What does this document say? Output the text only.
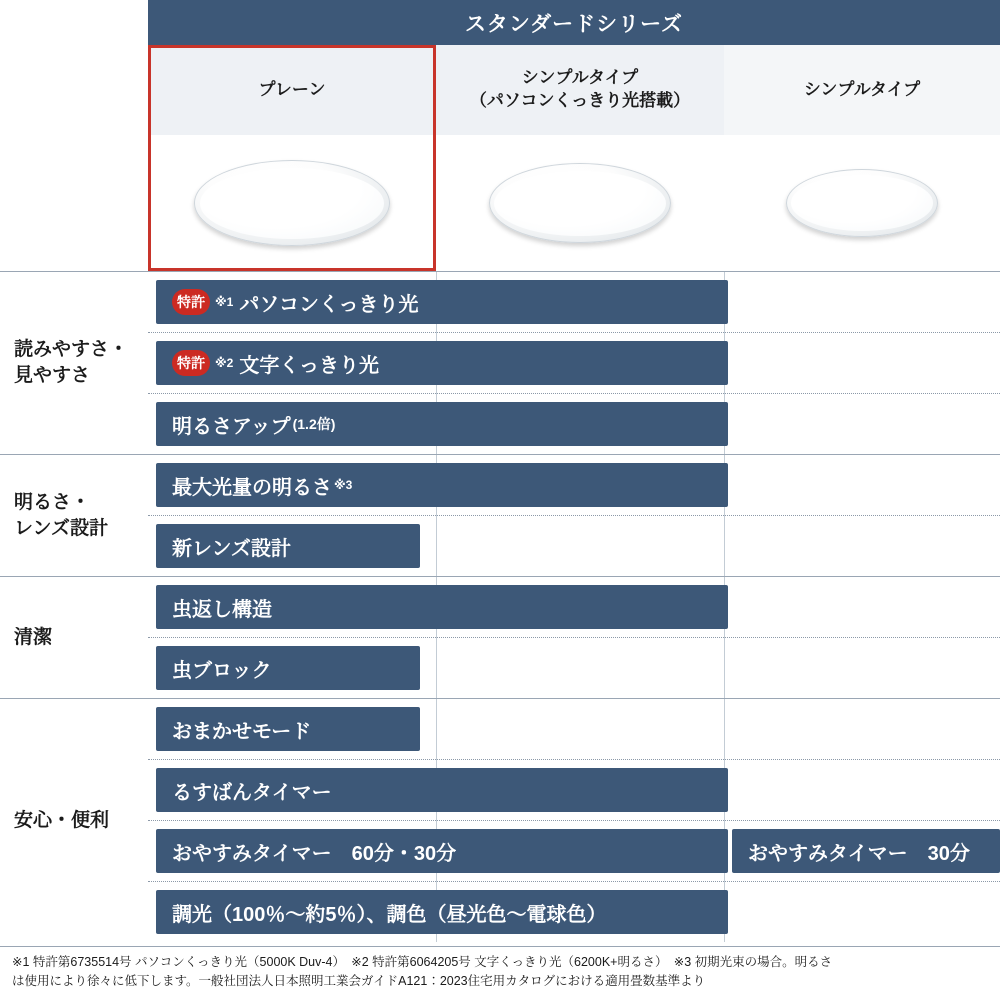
スタンダードシリーズ
プレーン
シンプルタイプ
（パソコンくっきり光搭載）
シンプルタイプ
読みやすさ・
見やすさ
特許 ※1 パソコンくっきり光
特許 ※2 文字くっきり光
明るさアップ (1.2倍)
明るさ・
レンズ設計
最大光量の明るさ ※3
新レンズ設計
清潔
虫返し構造
虫ブロック
安心・便利
おまかせモード
るすばんタイマー
おやすみタイマー　60分・30分	おやすみタイマー　30分
調光（100％〜約5％）、調色（昼光色〜電球色）
※1 特許第6735514号 パソコンくっきり光（5000K Duv-4）　※2 特許第6064205号 文字くっきり光（6200K+明るさ）　※3 初期光束の場合。明るさ
は使用により徐々に低下します。一般社団法人日本照明工業会ガイドA121：2023住宅用カタログにおける適用畳数基準より
